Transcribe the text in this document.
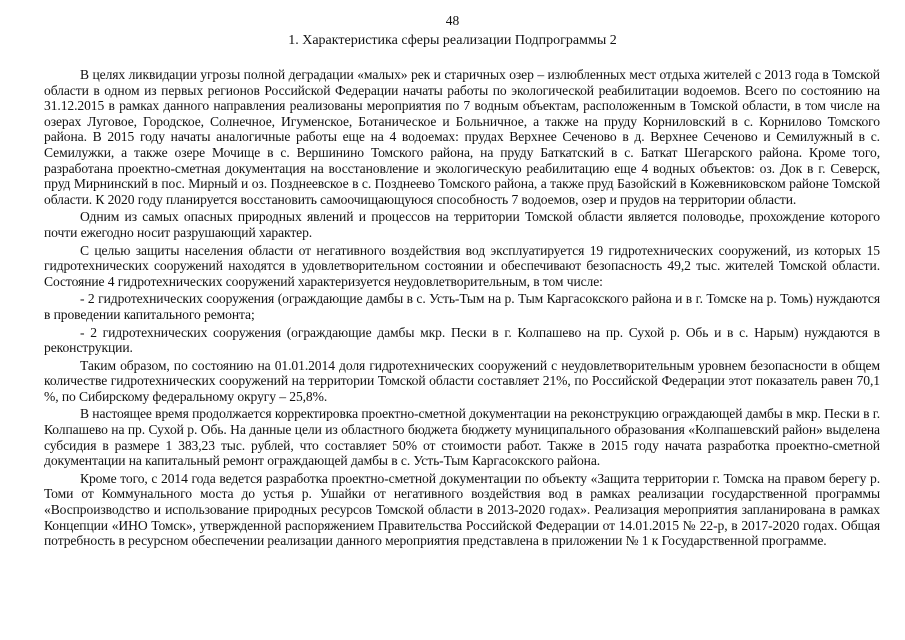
48
1. Характеристика сферы реализации Подпрограммы 2

В целях ликвидации угрозы полной деградации «малых» рек и старичных озер – излюбленных мест отдыха жителей с 2013 года в Томской области в одном из первых регионов Российской Федерации начаты работы по экологической реабилитации водоемов. Всего по состоянию на 31.12.2015 в рамках данного направления реализованы мероприятия по 7 водным объектам, расположенным в Томской области, в том числе на озерах Луговое, Городское, Солнечное, Игуменское, Ботаническое и Больничное, а также на пруду Корниловский в с. Корнилово Томского района. В 2015 году начаты аналогичные работы еще на 4 водоемах: прудах Верхнее Сеченово в д. Верхнее Сеченово и Семилужный в с. Семилужки, а также озере Мочище в с. Вершинино Томского района, на пруду Баткатский в с. Баткат Шегарского района. Кроме того, разработана проектно-сметная документация на восстановление и экологическую реабилитацию еще 4 водных объектов: оз. Док в г. Северск, пруд Мирнинский в пос. Мирный и оз. Позднеевское в с. Позднеево Томского района, а также пруд Базойский в Кожевниковском районе Томской области. К 2020 году планируется восстановить самоочищающуюся способность 7 водоемов, озер и прудов на территории области.

Одним из самых опасных природных явлений и процессов на территории Томской области является половодье, прохождение которого почти ежегодно носит разрушающий характер.

С целью защиты населения области от негативного воздействия вод эксплуатируется 19 гидротехнических сооружений, из которых 15 гидротехнических сооружений находятся в удовлетворительном состоянии и обеспечивают безопасность 49,2 тыс. жителей Томской области. Состояние 4 гидротехнических сооружений характеризуется неудовлетворительным, в том числе:

- 2 гидротехнических сооружения (ограждающие дамбы в с. Усть-Тым на р. Тым Каргасокского района и в г. Томске на р. Томь) нуждаются в проведении капитального ремонта;

- 2 гидротехнических сооружения (ограждающие дамбы мкр. Пески в г. Колпашево на пр. Сухой р. Обь и в с. Нарым) нуждаются в реконструкции.

Таким образом, по состоянию на 01.01.2014 доля гидротехнических сооружений с неудовлетворительным уровнем безопасности в общем количестве гидротехнических сооружений на территории Томской области составляет 21%, по Российской Федерации этот показатель равен 70,1 %, по Сибирскому федеральному округу – 25,8%.

В настоящее время продолжается корректировка проектно-сметной документации на реконструкцию ограждающей дамбы в мкр. Пески в г. Колпашево на пр. Сухой р. Обь. На данные цели из областного бюджета бюджету муниципального образования «Колпашевский район» выделена субсидия в размере 1 383,23 тыс. рублей, что составляет 50% от стоимости работ. Также в 2015 году начата разработка проектно-сметной документации на капитальный ремонт ограждающей дамбы в с. Усть-Тым Каргасокского района.

Кроме того, с 2014 года ведется разработка проектно-сметной документации по объекту «Защита территории г. Томска на правом берегу р. Томи от Коммунального моста до устья р. Ушайки от негативного воздействия вод в рамках реализации государственной программы «Воспроизводство и использование природных ресурсов Томской области в 2013-2020 годах». Реализация мероприятия запланирована в рамках Концепции «ИНО Томск», утвержденной распоряжением Правительства Российской Федерации от 14.01.2015 № 22-р, в 2017-2020 годах. Общая потребность в ресурсном обеспечении реализации данного мероприятия представлена в приложении № 1 к Государственной программе.
